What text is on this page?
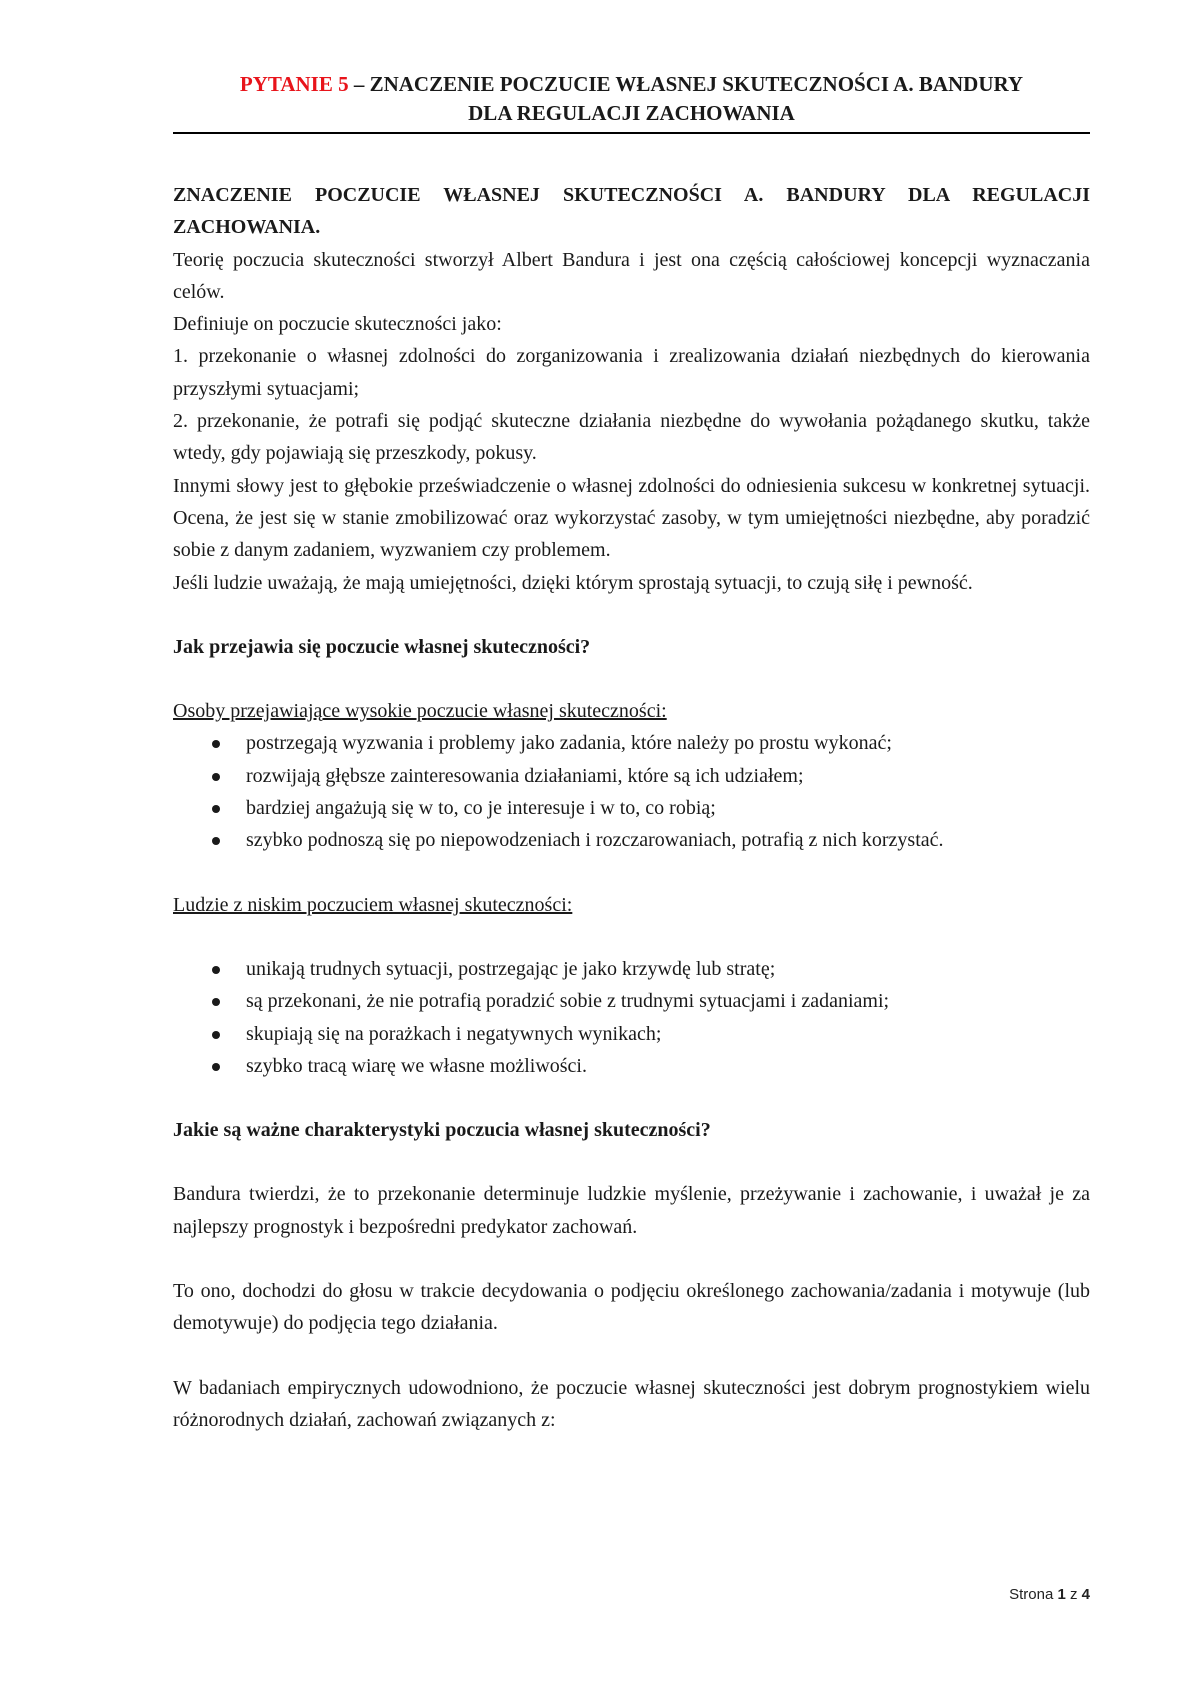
PYTANIE 5 – ZNACZENIE POCZUCIE WŁASNEJ SKUTECZNOŚCI A. BANDURY
DLA REGULACJI ZACHOWANIA

ZNACZENIE POCZUCIE WŁASNEJ SKUTECZNOŚCI A. BANDURY DLA REGULACJI ZACHOWANIA.

Teorię poczucia skuteczności stworzył Albert Bandura i jest ona częścią całościowej koncepcji wyznaczania celów.

Definiuje on poczucie skuteczności jako:

1. przekonanie o własnej zdolności do zorganizowania i zrealizowania działań niezbędnych do kierowania przyszłymi sytuacjami;

2. przekonanie, że potrafi się podjąć skuteczne działania niezbędne do wywołania pożądanego skutku, także wtedy, gdy pojawiają się przeszkody, pokusy.

Innymi słowy jest to głębokie przeświadczenie o własnej zdolności do odniesienia sukcesu w konkretnej sytuacji. Ocena, że jest się w stanie zmobilizować oraz wykorzystać zasoby, w tym umiejętności niezbędne, aby poradzić sobie z danym zadaniem, wyzwaniem czy problemem.

Jeśli ludzie uważają, że mają umiejętności, dzięki którym sprostają sytuacji, to czują siłę i pewność.

Jak przejawia się poczucie własnej skuteczności?

Osoby przejawiające wysokie poczucie własnej skuteczności:

postrzegają wyzwania i problemy jako zadania, które należy po prostu wykonać;
rozwijają głębsze zainteresowania działaniami, które są ich udziałem;
bardziej angażują się w to, co je interesuje i w to, co robią;
szybko podnoszą się po niepowodzeniach i rozczarowaniach, potrafią z nich korzystać.

Ludzie z niskim poczuciem własnej skuteczności:

unikają trudnych sytuacji, postrzegając je jako krzywdę lub stratę;
są przekonani, że nie potrafią poradzić sobie z trudnymi sytuacjami i zadaniami;
skupiają się na porażkach i negatywnych wynikach;
szybko tracą wiarę we własne możliwości.

Jakie są ważne charakterystyki poczucia własnej skuteczności?

Bandura twierdzi, że to przekonanie determinuje ludzkie myślenie, przeżywanie i zachowanie, i uważał je za najlepszy prognostyk i bezpośredni predykator zachowań.

To ono, dochodzi do głosu w trakcie decydowania o podjęciu określonego zachowania/zadania i motywuje (lub demotywuje) do podjęcia tego działania.

W badaniach empirycznych udowodniono, że poczucie własnej skuteczności jest dobrym prognostykiem wielu różnorodnych działań, zachowań związanych z:

Strona 1 z 4
